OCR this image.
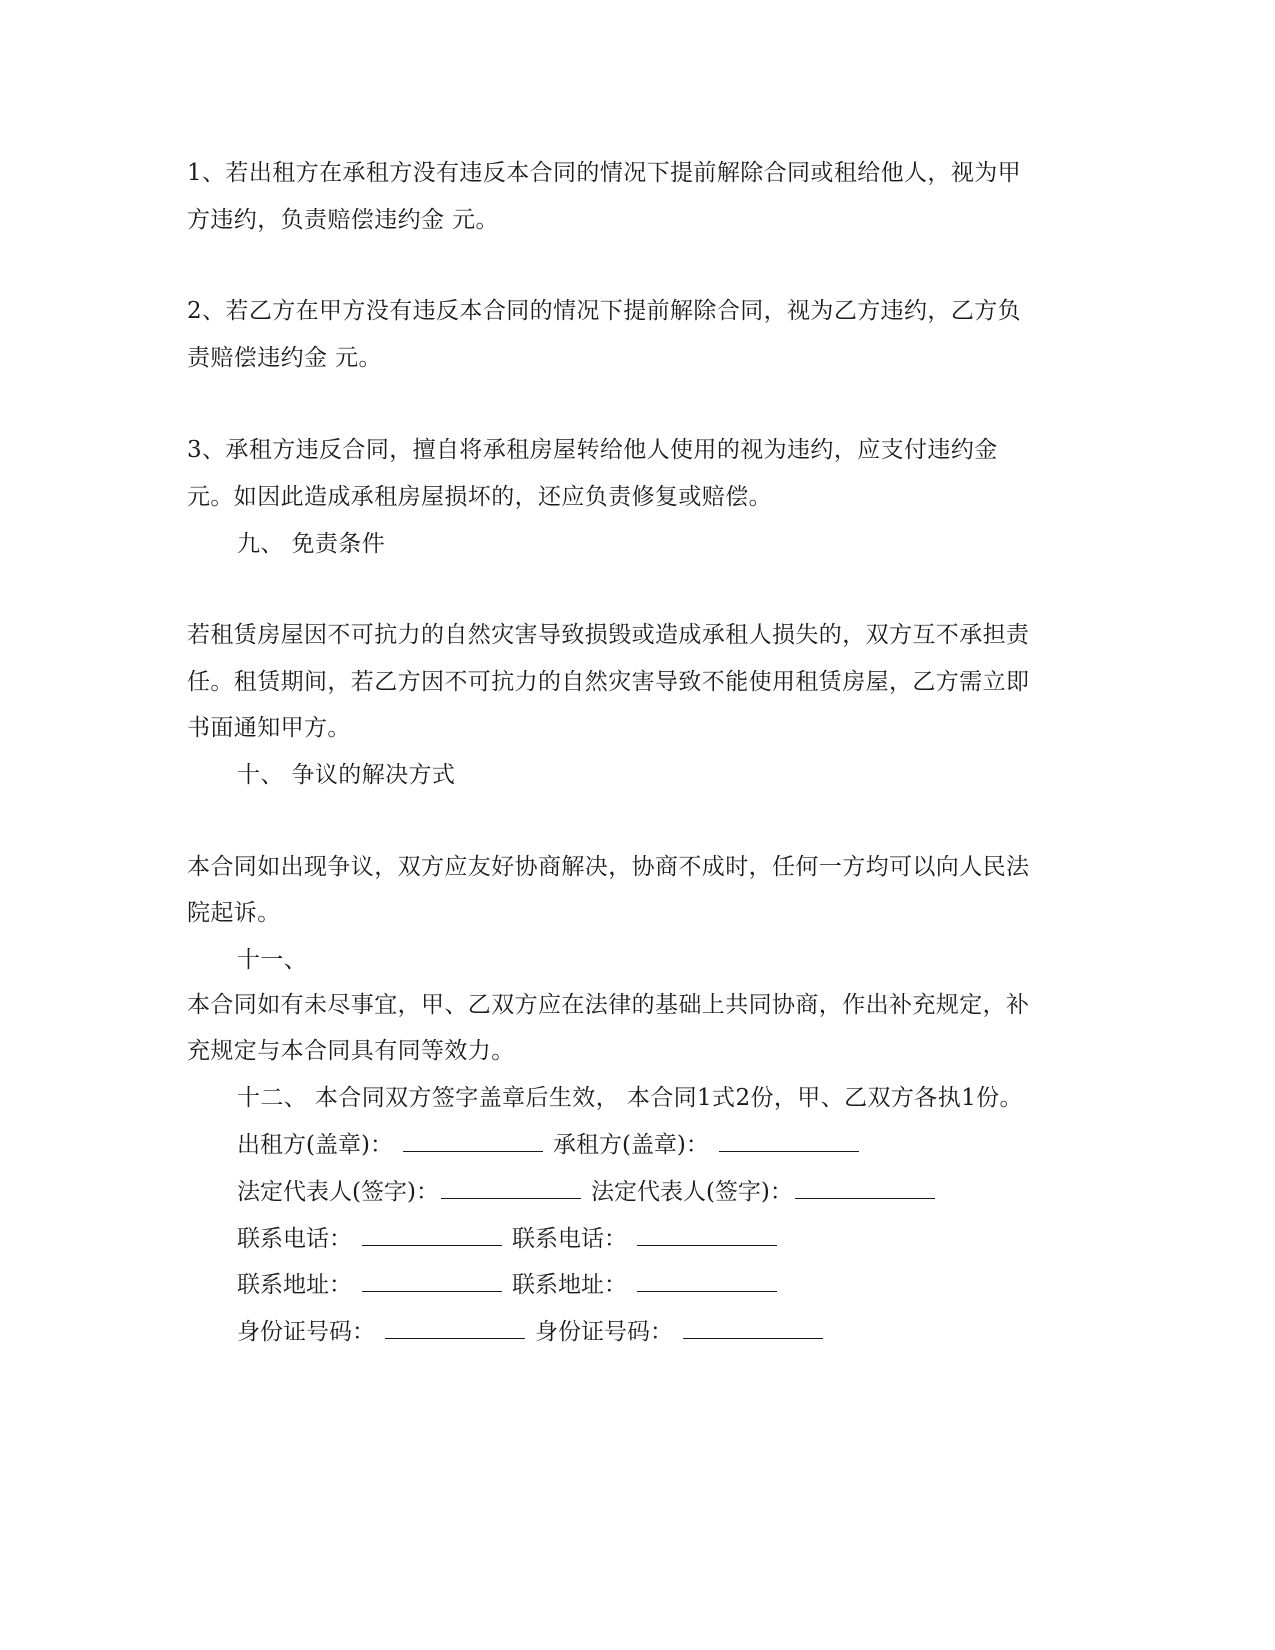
1、若出租方在承租方没有违反本合同的情况下提前解除合同或租给他人，视为甲
方违约，负责赔偿违约金 元。
2、若乙方在甲方没有违反本合同的情况下提前解除合同，视为乙方违约，乙方负
责赔偿违约金 元。
3、承租方违反合同，擅自将承租房屋转给他人使用的视为违约，应支付违约金
元。如因此造成承租房屋损坏的，还应负责修复或赔偿。
九、 免责条件
若租赁房屋因不可抗力的自然灾害导致损毁或造成承租人损失的，双方互不承担责
任。租赁期间，若乙方因不可抗力的自然灾害导致不能使用租赁房屋，乙方需立即
书面通知甲方。
十、 争议的解决方式
本合同如出现争议，双方应友好协商解决，协商不成时，任何一方均可以向人民法
院起诉。
十一、
本合同如有未尽事宜，甲、乙双方应在法律的基础上共同协商，作出补充规定，补
充规定与本合同具有同等效力。
十二、 本合同双方签字盖章后生效， 本合同1式2份，甲、乙双方各执1份。
出租方(盖章)：	承租方(盖章)：
法定代表人(签字)：	法定代表人(签字)：
联系电话：	联系电话：
联系地址：	联系地址：
身份证号码：	身份证号码：
